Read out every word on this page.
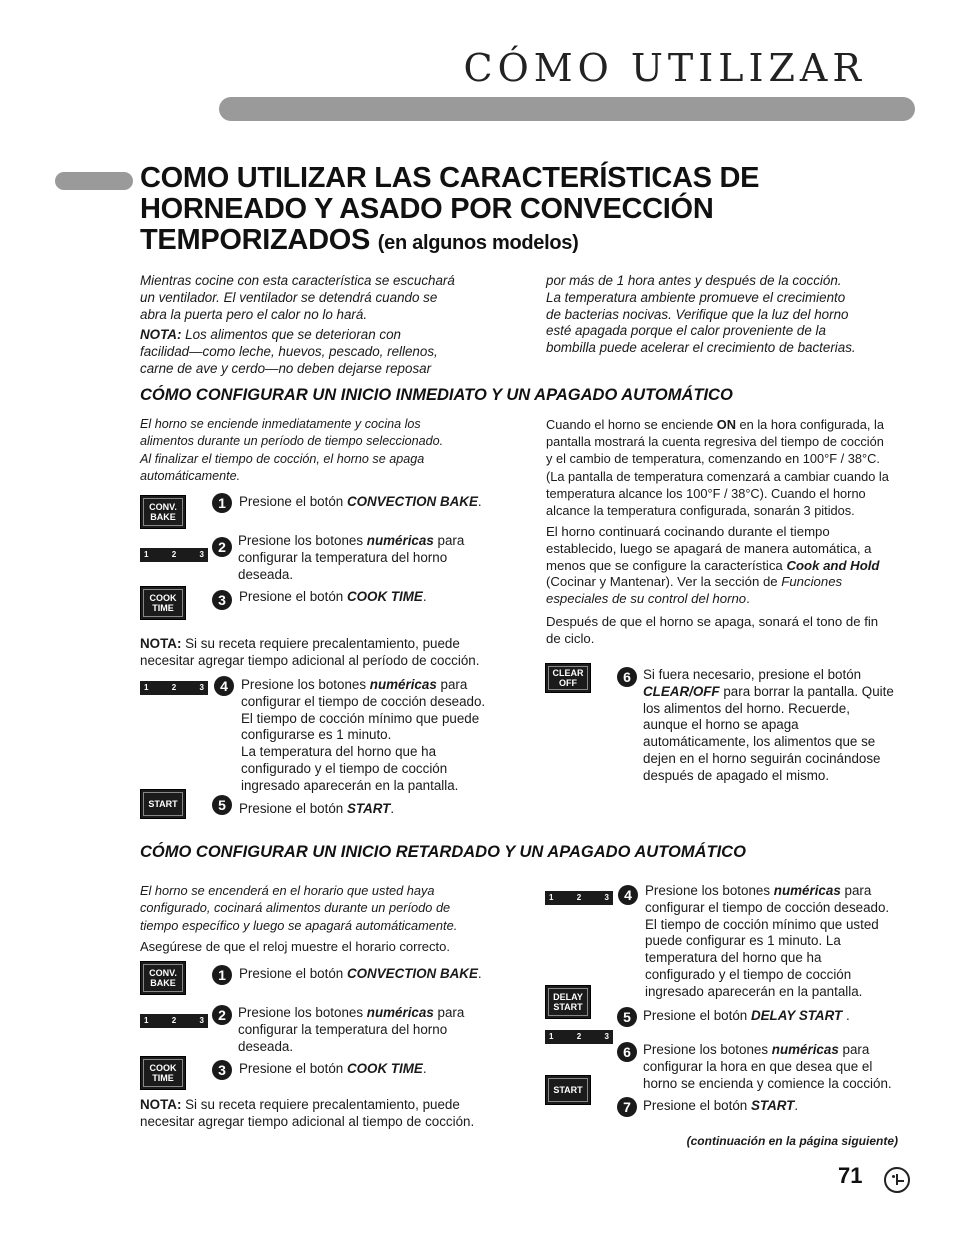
CÓMO UTILIZAR
COMO UTILIZAR LAS CARACTERÍSTICAS DE
HORNEADO Y ASADO POR CONVECCIÓN
TEMPORIZADOS (en algunos modelos)
Mientras cocine con esta característica se escuchará
un ventilador. El ventilador se detendrá cuando se
abra la puerta pero el calor no lo hará.
NOTA: Los alimentos que se deterioran con
facilidad—como leche, huevos, pescado, rellenos,
carne de ave y cerdo—no deben dejarse reposar
por más de 1 hora antes y después de la cocción.
La temperatura ambiente promueve el crecimiento
de bacterias nocivas. Verifique que la luz del horno
esté apagada porque el calor proveniente de la
bombilla puede acelerar el crecimiento de bacterias.
CÓMO CONFIGURAR UN INICIO INMEDIATO Y UN APAGADO AUTOMÁTICO
El horno se enciende inmediatamente y cocina los
alimentos durante un período de tiempo seleccionado.
Al finalizar el tiempo de cocción, el horno se apaga
automáticamente.
CONV.
BAKE
1 Presione el botón CONVECTION BAKE.
1	2	3	2 Presione los botones numéricas para
configurar la temperatura del horno
deseada.
COOK
TIME	3 Presione el botón COOK TIME.
NOTA: Si su receta requiere precalentamiento, puede
necesitar agregar tiempo adicional al período de cocción.
1	2	3	4 Presione los botones numéricas para
configurar el tiempo de cocción deseado.
El tiempo de cocción mínimo que puede
configurarse es 1 minuto.
La temperatura del horno que ha
configurado y el tiempo de cocción
ingresado aparecerán en la pantalla.
START	5 Presione el botón START.
Cuando el horno se enciende ON en la hora configurada, la
pantalla mostrará la cuenta regresiva del tiempo de cocción
y el cambio de temperatura, comenzando en 100°F / 38°C.
(La pantalla de temperatura comenzará a cambiar cuando la
temperatura alcance los 100°F / 38°C). Cuando el horno
alcance la temperatura configurada, sonarán 3 pitidos.
El horno continuará cocinando durante el tiempo
establecido, luego se apagará de manera automática, a
menos que se configure la característica Cook and Hold
(Cocinar y Mantenar). Ver la sección de Funciones
especiales de su control del horno.
Después de que el horno se apaga, sonará el tono de fin
de ciclo.
CLEAR
OFF	6 Si fuera necesario, presione el botón
CLEAR/OFF para borrar la pantalla. Quite
los alimentos del horno. Recuerde,
aunque el horno se apaga
automáticamente, los alimentos que se
dejen en el horno seguirán cocinándose
después de apagado el mismo.
CÓMO CONFIGURAR UN INICIO RETARDADO Y UN APAGADO AUTOMÁTICO
El horno se encenderá en el horario que usted haya
configurado, cocinará alimentos durante un período de
tiempo específico y luego se apagará automáticamente.
Asegúrese de que el reloj muestre el horario correcto.
CONV.
BAKE	1 Presione el botón CONVECTION BAKE.
1	2	3	2 Presione los botones numéricas para
configurar la temperatura del horno
deseada.
COOK
TIME	3 Presione el botón COOK TIME.
NOTA: Si su receta requiere precalentamiento, puede
necesitar agregar tiempo adicional al tiempo de cocción.
1	2	3	4 Presione los botones numéricas para
configurar el tiempo de cocción deseado.
El tiempo de cocción mínimo que usted
puede configurar es 1 minuto. La
temperatura del horno que ha
configurado y el tiempo de cocción
ingresado aparecerán en la pantalla.
DELAY
START
5 Presione el botón DELAY START .
1	2	3
6 Presione los botones numéricas para
configurar la hora en que desea que el
horno se encienda y comience la cocción.
START
7 Presione el botón START.
(continuación en la página siguiente)
71
